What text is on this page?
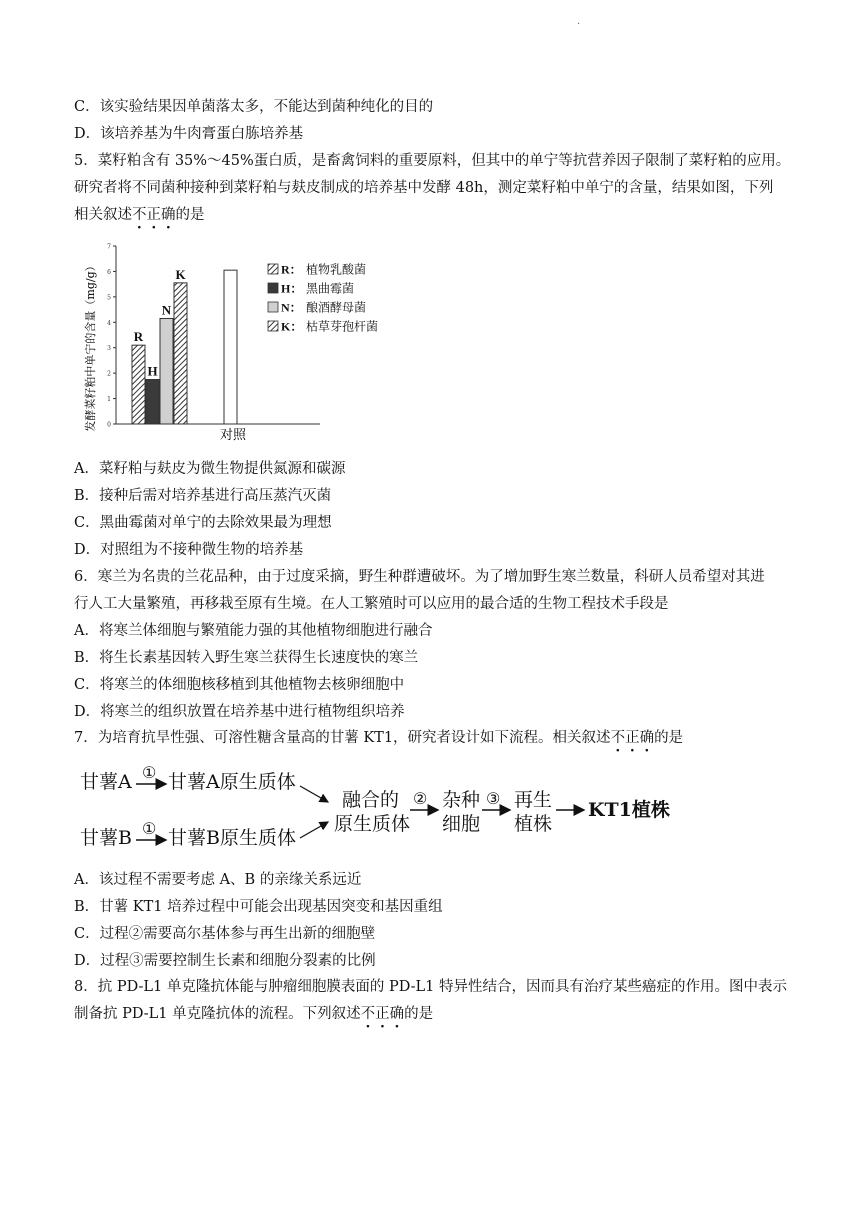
.
C．该实验结果因单菌落太多，不能达到菌种纯化的目的
D．该培养基为牛肉膏蛋白胨培养基
5．菜籽粕含有 35%～45%蛋白质，是畜禽饲料的重要原料，但其中的单宁等抗营养因子限制了菜籽粕的应用。
研究者将不同菌种接种到菜籽粕与麸皮制成的培养基中发酵 48h，测定菜籽粕中单宁的含量，结果如图，下列
相关叙述不正确的是
发酵菜籽粕中单宁的含量（mg/g） 0
1
2
3
4
5
6
7
R
H
N
K
对照
R： 植物乳酸菌
H： 黑曲霉菌
N： 酿酒酵母菌
K： 枯草芽孢杆菌
A．菜籽粕与麸皮为微生物提供氮源和碳源
B．接种后需对培养基进行高压蒸汽灭菌
C．黑曲霉菌对单宁的去除效果最为理想
D．对照组为不接种微生物的培养基
6．寒兰为名贵的兰花品种，由于过度采摘，野生种群遭破坏。为了增加野生寒兰数量，科研人员希望对其进
行人工大量繁殖，再移栽至原有生境。在人工繁殖时可以应用的最合适的生物工程技术手段是
A．将寒兰体细胞与繁殖能力强的其他植物细胞进行融合
B．将生长素基因转入野生寒兰获得生长速度快的寒兰
C．将寒兰的体细胞核移植到其他植物去核卵细胞中
D．将寒兰的组织放置在培养基中进行植物组织培养
7．为培育抗旱性强、可溶性糖含量高的甘薯 KT1，研究者设计如下流程。相关叙述不正确的是
甘薯A ① 甘薯A原生质体
甘薯B ① 甘薯B原生质体
融合的
原生质体
② 杂种
细胞
③ 再生
植株
KT1植株
A．该过程不需要考虑 A、B 的亲缘关系远近
B．甘薯 KT1 培养过程中可能会出现基因突变和基因重组
C．过程②需要高尔基体参与再生出新的细胞壁
D．过程③需要控制生长素和细胞分裂素的比例
8．抗 PD-L1 单克隆抗体能与肿瘤细胞膜表面的 PD-L1 特异性结合，因而具有治疗某些癌症的作用。图中表示
制备抗 PD-L1 单克隆抗体的流程。下列叙述不正确的是
